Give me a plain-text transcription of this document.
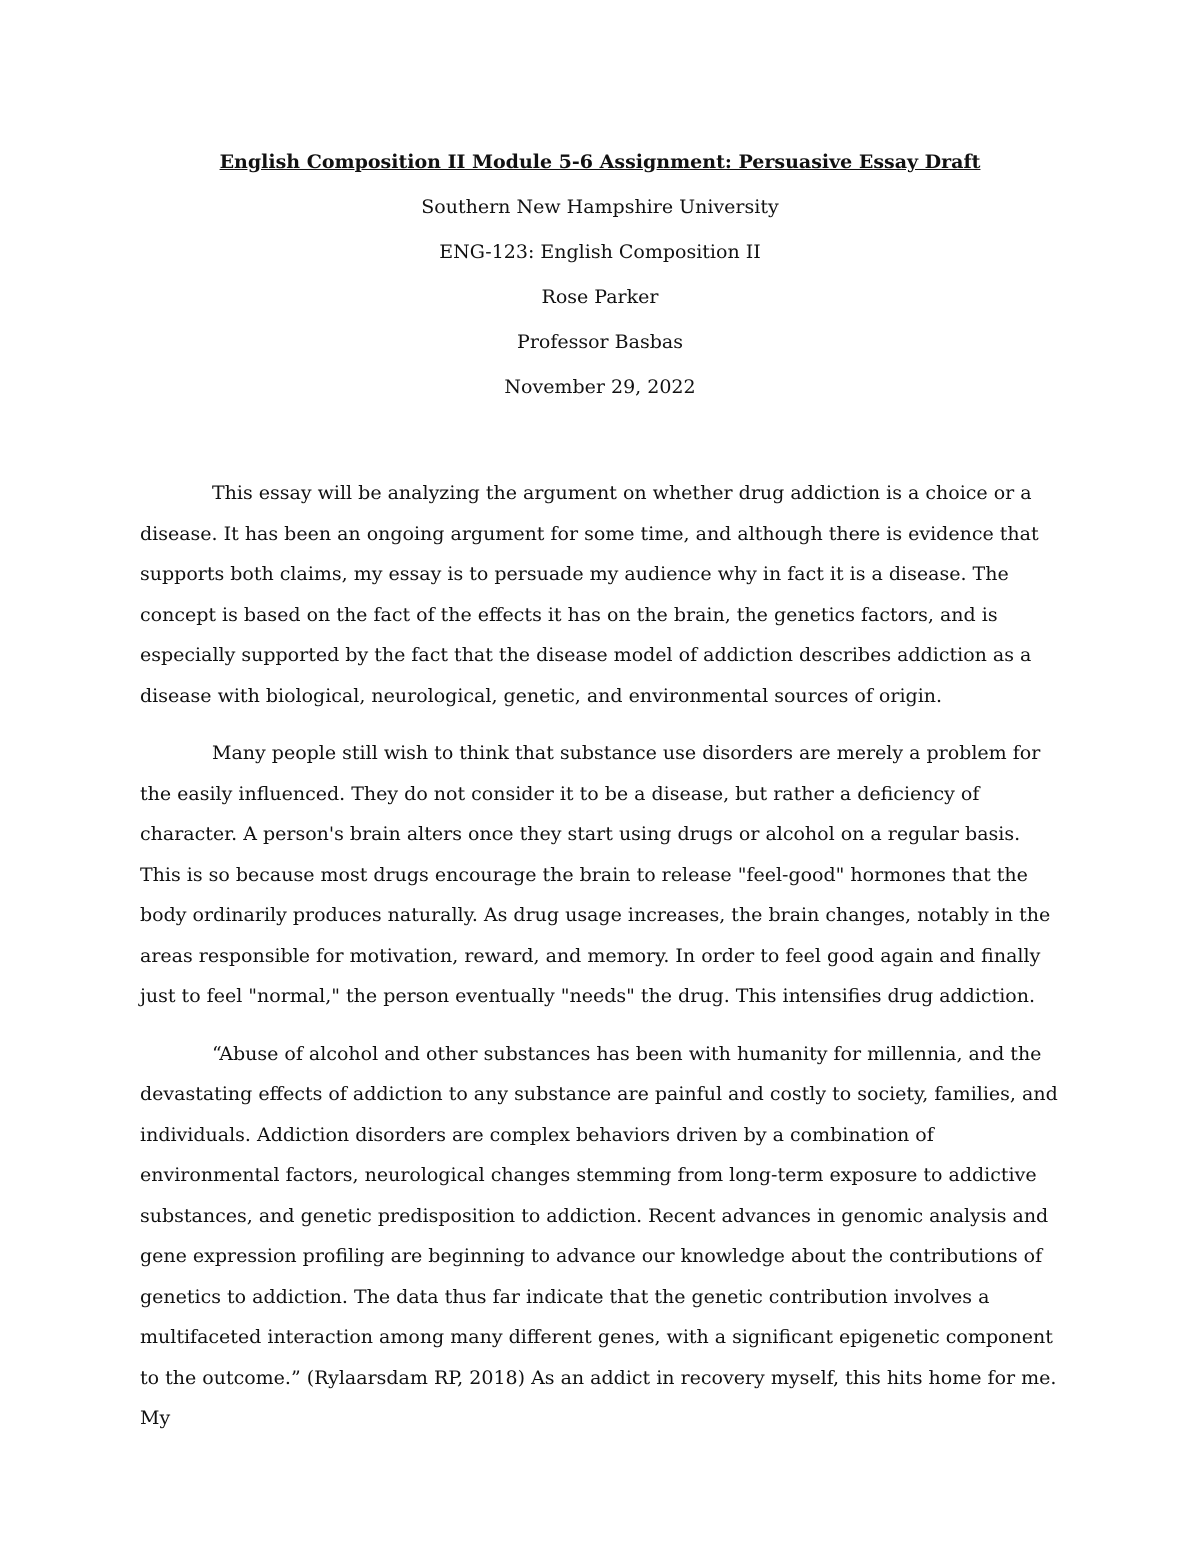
English Composition II Module 5-6 Assignment: Persuasive Essay Draft

Southern New Hampshire University

ENG-123: English Composition II

Rose Parker

Professor Basbas

November 29, 2022

This essay will be analyzing the argument on whether drug addiction is a choice or a disease. It has been an ongoing argument for some time, and although there is evidence that supports both claims, my essay is to persuade my audience why in fact it is a disease. The concept is based on the fact of the effects it has on the brain, the genetics factors, and is especially supported by the fact that the disease model of addiction describes addiction as a disease with biological, neurological, genetic, and environmental sources of origin.

Many people still wish to think that substance use disorders are merely a problem for the easily influenced. They do not consider it to be a disease, but rather a deficiency of character. A person's brain alters once they start using drugs or alcohol on a regular basis. This is so because most drugs encourage the brain to release "feel-good" hormones that the body ordinarily produces naturally. As drug usage increases, the brain changes, notably in the areas responsible for motivation, reward, and memory. In order to feel good again and finally just to feel "normal," the person eventually "needs" the drug. This intensifies drug addiction.

“Abuse of alcohol and other substances has been with humanity for millennia, and the devastating effects of addiction to any substance are painful and costly to society, families, and individuals. Addiction disorders are complex behaviors driven by a combination of environmental factors, neurological changes stemming from long-term exposure to addictive substances, and genetic predisposition to addiction. Recent advances in genomic analysis and gene expression profiling are beginning to advance our knowledge about the contributions of genetics to addiction. The data thus far indicate that the genetic contribution involves a multifaceted interaction among many different genes, with a significant epigenetic component to the outcome.” (Rylaarsdam RP, 2018) As an addict in recovery myself, this hits home for me. My
